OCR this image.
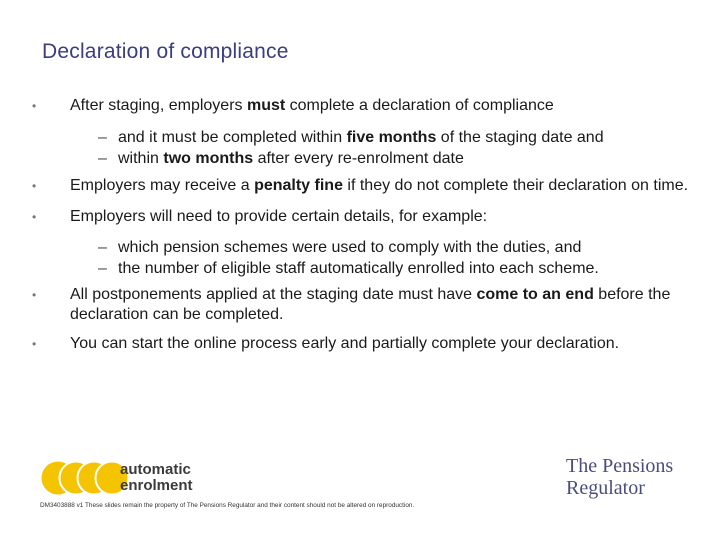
Declaration of compliance
•	After staging, employers must complete a declaration of compliance
– and it must be completed within five months of the staging date and
– within two months after every re-enrolment date
•	Employers may receive a penalty fine if they do not complete their declaration on time.
•	Employers will need to provide certain details, for example:
– which pension schemes were used to comply with the duties, and
– the number of eligible staff automatically enrolled into each scheme.
•	All postponements applied at the staging date must have come to an end before the declaration can be completed.
•	You can start the online process early and partially complete your declaration.
automatic
enrolment
The Pensions
Regulator
DM3403888 v1 These slides remain the property of The Pensions Regulator and their content should not be altered on reproduction.
